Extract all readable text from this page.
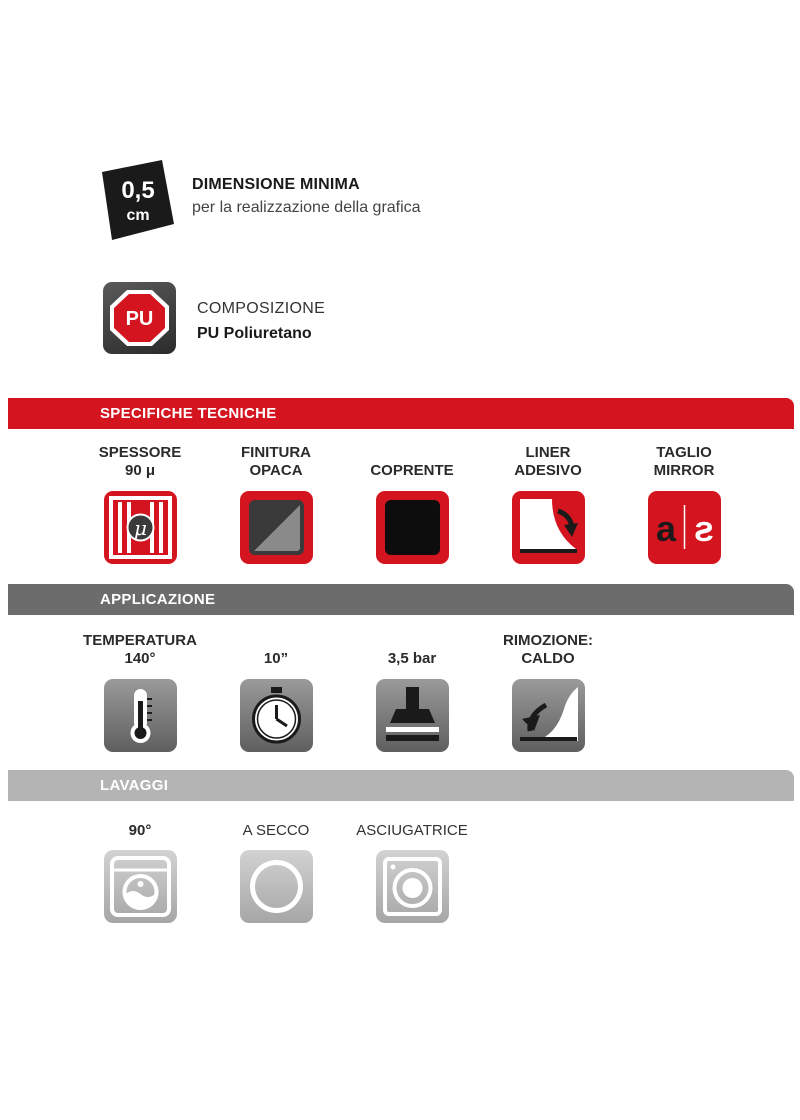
0,5
cm
DIMENSIONE MINIMA
per la realizzazione della grafica
PU	COMPOSIZIONE
PU Poliuretano
SPECIFICHE TECNICHE
SPESSORE
90 μ
FINITURA
OPACA
	COPRENTE
LINER
ADESIVO
TAGLIO
MIRROR
μ	a s
APPLICAZIONE
TEMPERATURA
140°
	10”
	3,5 bar
RIMOZIONE:
CALDO
LAVAGGI
90°	A SECCO	ASCIUGATRICE
